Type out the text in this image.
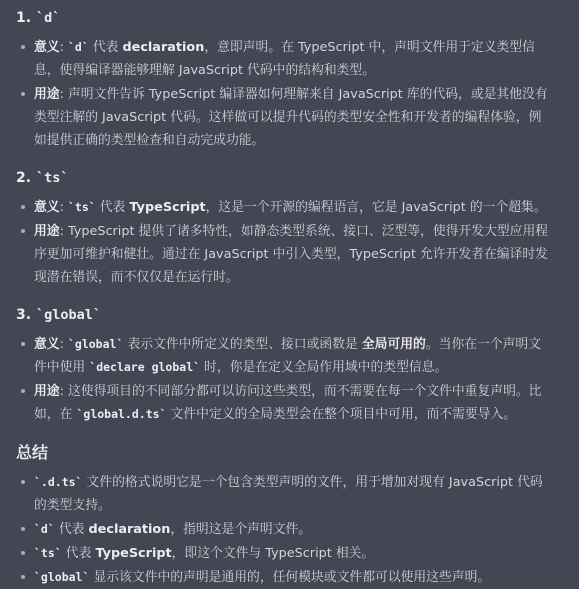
1. `d`
意义: `d` 代表 declaration，意即声明。在 TypeScript 中，声明文件用于定义类型信息，使得编译器能够理解 JavaScript 代码中的结构和类型。
用途: 声明文件告诉 TypeScript 编译器如何理解来自 JavaScript 库的代码，或是其他没有类型注解的 JavaScript 代码。这样做可以提升代码的类型安全性和开发者的编程体验，例如提供正确的类型检查和自动完成功能。
2. `ts`
意义: `ts` 代表 TypeScript，这是一个开源的编程语言，它是 JavaScript 的一个超集。
用途: TypeScript 提供了诸多特性，如静态类型系统、接口、泛型等，使得开发大型应用程序更加可维护和健壮。通过在 JavaScript 中引入类型，TypeScript 允许开发者在编译时发现潜在错误，而不仅仅是在运行时。
3. `global`
意义: `global` 表示文件中所定义的类型、接口或函数是 全局可用的。当你在一个声明文件中使用 `declare global` 时，你是在定义全局作用域中的类型信息。
用途: 这使得项目的不同部分都可以访问这些类型，而不需要在每一个文件中重复声明。比如，在 `global.d.ts` 文件中定义的全局类型会在整个项目中可用，而不需要导入。
总结
`.d.ts` 文件的格式说明它是一个包含类型声明的文件，用于增加对现有 JavaScript 代码的类型支持。
`d` 代表 declaration，指明这是个声明文件。
`ts` 代表 TypeScript，即这个文件与 TypeScript 相关。
`global` 显示该文件中的声明是通用的，任何模块或文件都可以使用这些声明。
